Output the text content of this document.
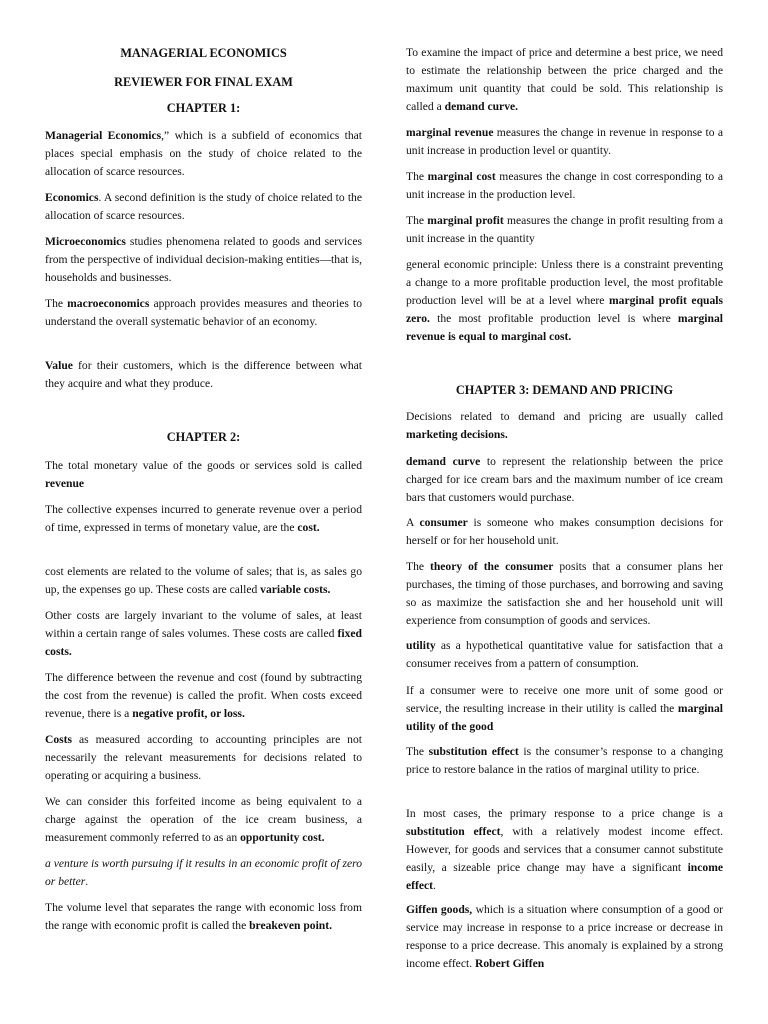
MANAGERIAL ECONOMICS
REVIEWER FOR FINAL EXAM
CHAPTER 1:

Managerial Economics,” which is a subfield of economics that places special emphasis on the study of choice related to the allocation of scarce resources.

Economics. A second definition is the study of choice related to the allocation of scarce resources.

Microeconomics studies phenomena related to goods and services from the perspective of individual decision-making entities—that is, households and businesses.

The macroeconomics approach provides measures and theories to understand the overall systematic behavior of an economy.

Value for their customers, which is the difference between what they acquire and what they produce.

CHAPTER 2:

The total monetary value of the goods or services sold is called revenue

The collective expenses incurred to generate revenue over a period of time, expressed in terms of monetary value, are the cost.

cost elements are related to the volume of sales; that is, as sales go up, the expenses go up. These costs are called variable costs.

Other costs are largely invariant to the volume of sales, at least within a certain range of sales volumes. These costs are called fixed costs.

The difference between the revenue and cost (found by subtracting the cost from the revenue) is called the profit. When costs exceed revenue, there is a negative profit, or loss.

Costs as measured according to accounting principles are not necessarily the relevant measurements for decisions related to operating or acquiring a business.

We can consider this forfeited income as being equivalent to a charge against the operation of the ice cream business, a measurement commonly referred to as an opportunity cost.

a venture is worth pursuing if it results in an economic profit of zero or better.

The volume level that separates the range with economic loss from the range with economic profit is called the breakeven point.

To examine the impact of price and determine a best price, we need to estimate the relationship between the price charged and the maximum unit quantity that could be sold. This relationship is called a demand curve.

marginal revenue measures the change in revenue in response to a unit increase in production level or quantity.

The marginal cost measures the change in cost corresponding to a unit increase in the production level.

The marginal profit measures the change in profit resulting from a unit increase in the quantity

general economic principle: Unless there is a constraint preventing a change to a more profitable production level, the most profitable production level will be at a level where marginal profit equals zero. the most profitable production level is where marginal revenue is equal to marginal cost.

CHAPTER 3: DEMAND AND PRICING

Decisions related to demand and pricing are usually called marketing decisions.

demand curve to represent the relationship between the price charged for ice cream bars and the maximum number of ice cream bars that customers would purchase.

A consumer is someone who makes consumption decisions for herself or for her household unit.

The theory of the consumer posits that a consumer plans her purchases, the timing of those purchases, and borrowing and saving so as maximize the satisfaction she and her household unit will experience from consumption of goods and services.

utility as a hypothetical quantitative value for satisfaction that a consumer receives from a pattern of consumption.

If a consumer were to receive one more unit of some good or service, the resulting increase in their utility is called the marginal utility of the good

The substitution effect is the consumer’s response to a changing price to restore balance in the ratios of marginal utility to price.

In most cases, the primary response to a price change is a substitution effect, with a relatively modest income effect. However, for goods and services that a consumer cannot substitute easily, a sizeable price change may have a significant income effect.

Giffen goods, which is a situation where consumption of a good or service may increase in response to a price increase or decrease in response to a price decrease. This anomaly is explained by a strong income effect. Robert Giffen
